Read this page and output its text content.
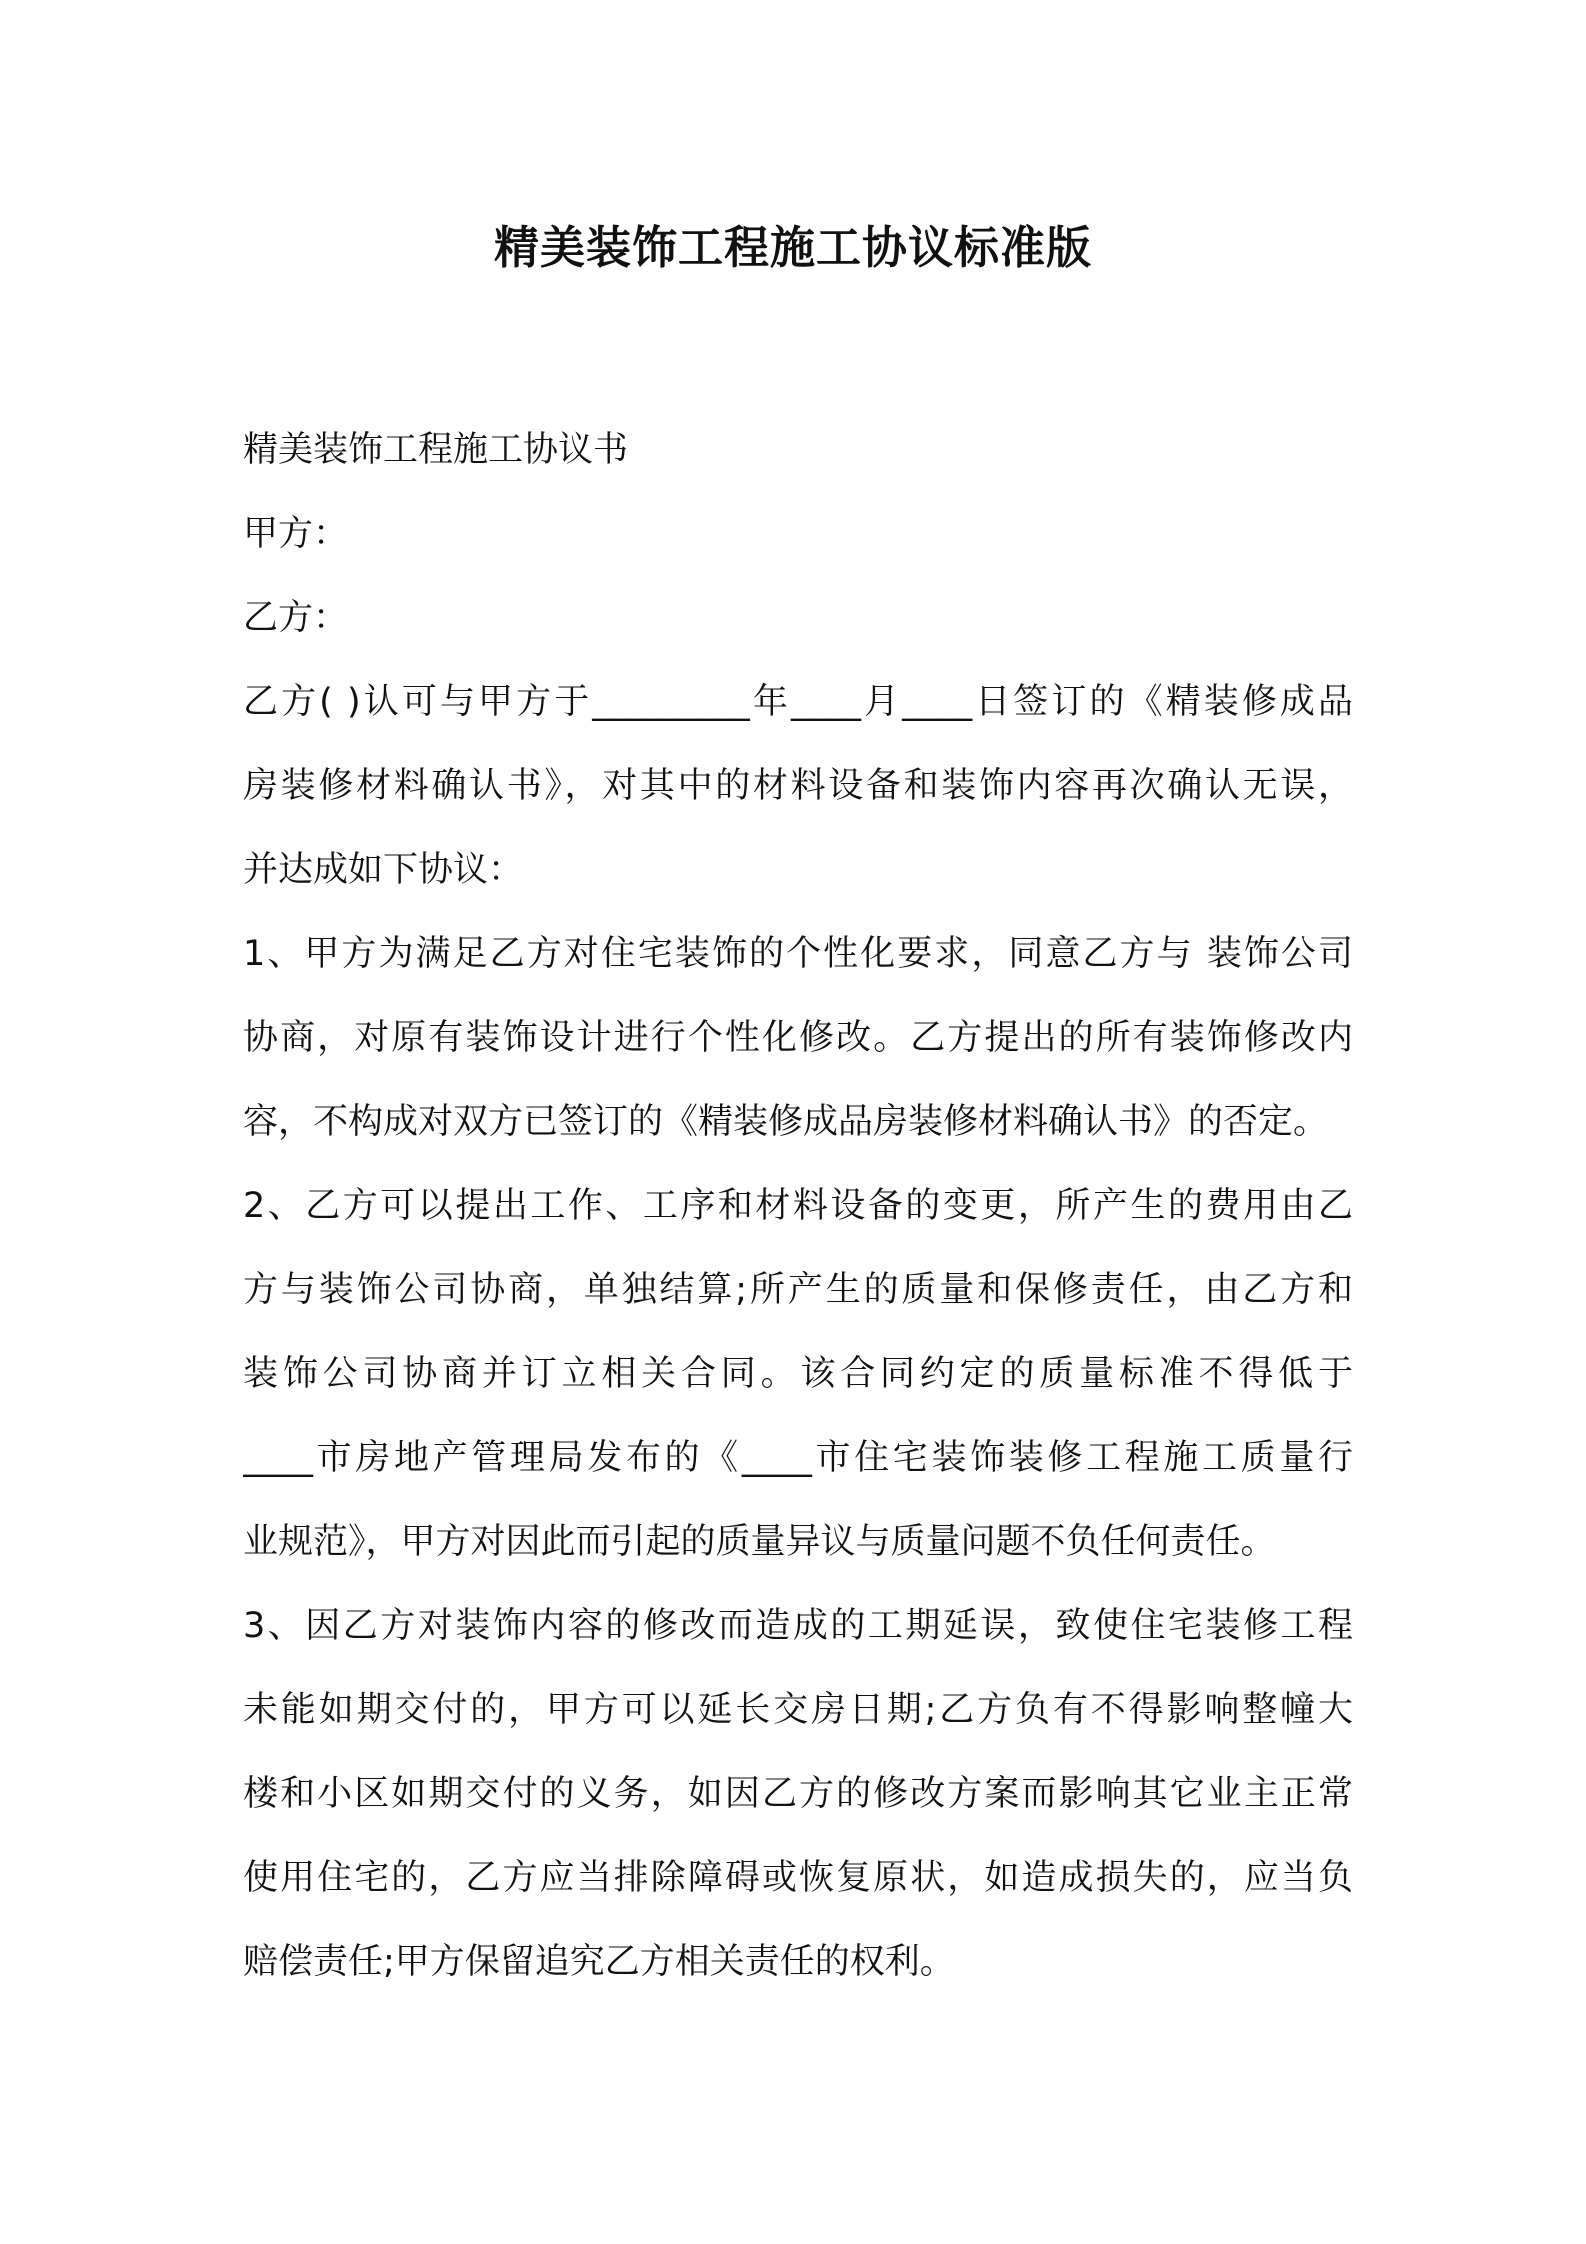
精美装饰工程施工协议标准版
精美装饰工程施工协议书
甲方：
乙方：
乙方( )认可与甲方于_________年____月____日签订的《精装修成品
房装修材料确认书》，对其中的材料设备和装饰内容再次确认无误，
并达成如下协议：
1、甲方为满足乙方对住宅装饰的个性化要求，同意乙方与 装饰公司
协商，对原有装饰设计进行个性化修改。乙方提出的所有装饰修改内
容，不构成对双方已签订的《精装修成品房装修材料确认书》的否定。
2、乙方可以提出工作、工序和材料设备的变更，所产生的费用由乙
方与装饰公司协商，单独结算;所产生的质量和保修责任，由乙方和
装饰公司协商并订立相关合同。该合同约定的质量标准不得低于
____市房地产管理局发布的《____市住宅装饰装修工程施工质量行
业规范》，甲方对因此而引起的质量异议与质量问题不负任何责任。
3、因乙方对装饰内容的修改而造成的工期延误，致使住宅装修工程
未能如期交付的，甲方可以延长交房日期;乙方负有不得影响整幢大
楼和小区如期交付的义务，如因乙方的修改方案而影响其它业主正常
使用住宅的，乙方应当排除障碍或恢复原状，如造成损失的，应当负
赔偿责任;甲方保留追究乙方相关责任的权利。
